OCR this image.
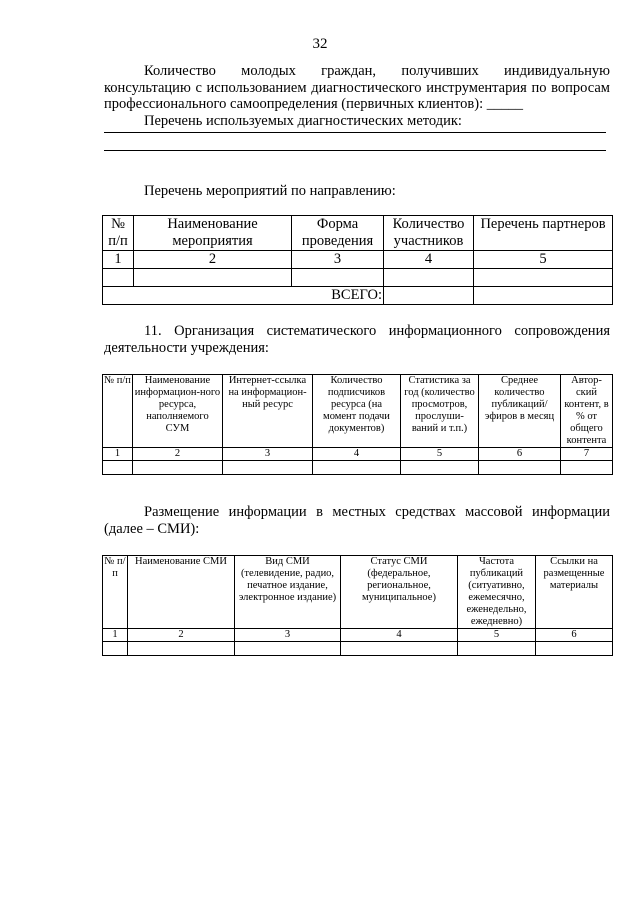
32
Количество молодых граждан, получивших индивидуальную консультацию с использованием диагностического инструментария по вопросам профессионального самоопределения (первичных клиентов): _____
Перечень используемых диагностических методик:
Перечень мероприятий по направлению:
№ п/п	Наименование мероприятия	Форма проведения	Количество участников	Перечень партнеров
1	2	3	4	5

ВСЕГО:				
11. Организация систематического информационного сопровождения деятельности учреждения:
№ п/п	Наименование информацион-ного ресурса, наполняемого СУМ	Интернет-ссылка на информацион-ный ресурс	Количество подписчиков ресурса (на момент подачи документов)	Статистика за год (количество просмотров, прослуши-ваний и т.п.)	Среднее количество публикаций/ эфиров в месяц	Автор-ский контент, в % от общего контента
1	2	3	4	5	6	7

Размещение информации в местных средствах массовой информации (далее – СМИ):
№ п/п	Наименование СМИ	Вид СМИ (телевидение, радио, печатное издание, электронное издание)	Статус СМИ (федеральное, региональное, муниципальное)	Частота публикаций (ситуативно, ежемесячно, еженедельно, ежедневно)	Ссылки на размещенные материалы
1	2	3	4	5	6
